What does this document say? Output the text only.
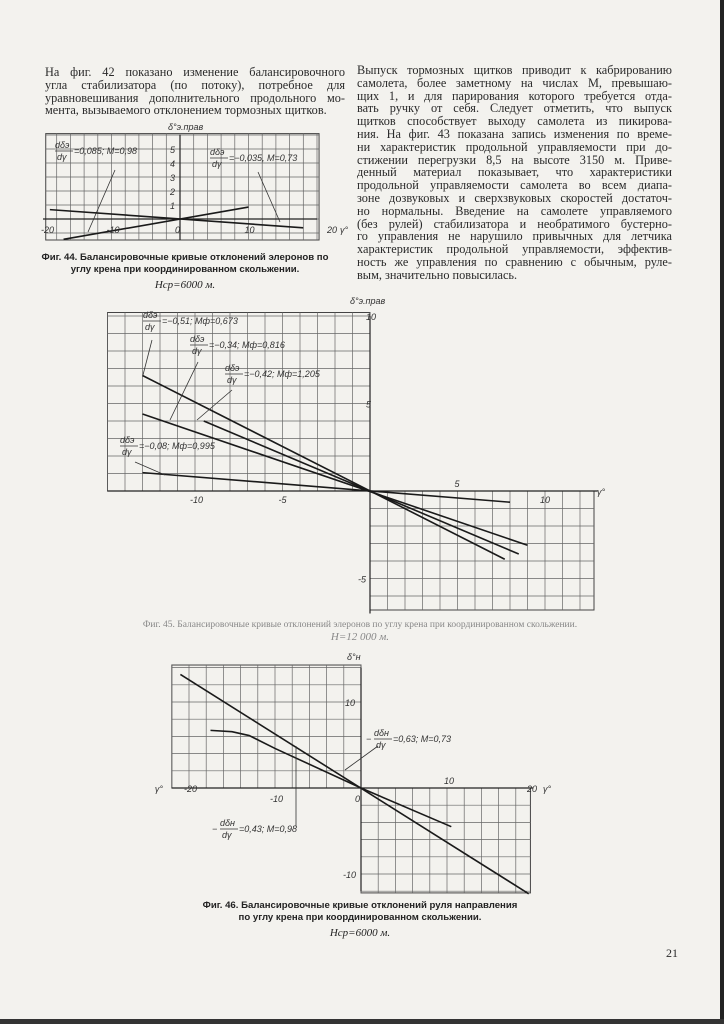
На фиг. 42 показано изменение балансировочного
угла стабилизатора (по потоку), потребное для
уравновешивания дополнительного продольного мо-
мента, вызываемого отклонением тормозных щитков.
Выпуск тормозных щитков приводит к кабрированию
самолета, более заметному на числах М, превышаю-
щих 1, и для парирования которого требуется отда-
вать ручку от себя. Следует отметить, что выпуск
щитков способствует выходу самолета из пикирова-
ния. На фиг. 43 показана запись изменения по време-
ни характеристик продольной управляемости при до-
стижении перегрузки 8,5 на высоте 3150 м. Приве-
денный материал показывает, что характеристики
продольной управляемости самолета во всем диапа-
зоне дозвуковых и сверхзвуковых скоростей достаточ-
но нормальны. Введение на самолете управляемого
(без рулей) стабилизатора и необратимого бустерно-
го управления не нарушило привычных для летчика
характеристик продольной управляемости, эффектив-
ность же управления по сравнению с обычным, руле-
вым, значительно повысилась.
-20	-10	0	10	20
1
2
3
4
5
γ°
δ°э.прав
dδэ
dγ
=0,085; M=0,98	dδэ
dγ
=−0,035, M=0,73
-10	-5
5
10
10
5
-5
γ°
δ°э.прав
dδэ
dγ
=−0,51; Mф=0,673
dδэ
dγ
=−0,34; Mф=0,816
dδэ
dγ
=−0,42; Mф=1,205
dδэ
dγ
=−0,08; Mф=0,995
-20
-10	0
10
20
10
-10
γ°
γ°
δ°н
−
dδн
dγ
=0,63; M=0,73
−
dδн
dγ
=0,43; M=0,98
Фиг. 44. Балансировочные кривые отклонений элеронов по углу крена при координированном скольжении.
Hср=6000 м.
Фиг. 45. Балансировочные кривые отклонений элеронов по углу крена при координированном скольжении.
H=12 000 м.
Фиг. 46. Балансировочные кривые отклонений руля направления по углу крена при координированном скольжении.
Hср=6000 м.
21
